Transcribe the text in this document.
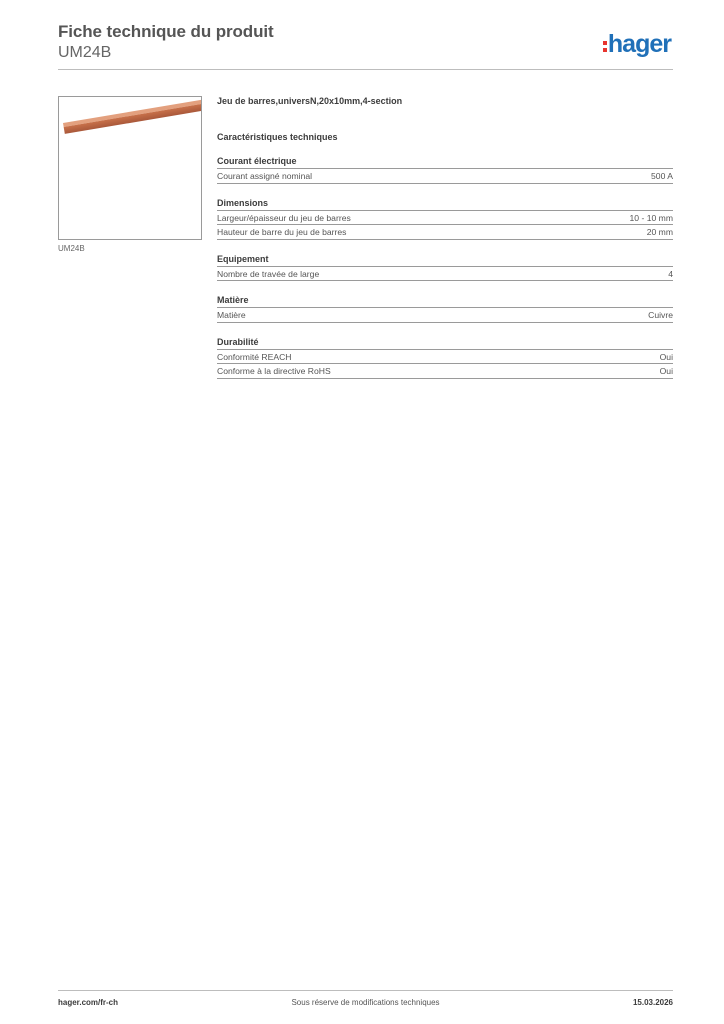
Fiche technique du produit
UM24B	hager
UM24B
Jeu de barres,universN,20x10mm,4-section
Caractéristiques techniques
Courant électrique
Courant assigné nominal	500 A
Dimensions
Largeur/épaisseur du jeu de barres	10 - 10 mm
Hauteur de barre du jeu de barres	20 mm
Equipement
Nombre de travée de large	4
Matière
Matière	Cuivre
Durabilité
Conformité REACH	Oui
Conforme à la directive RoHS	Oui
hager.com/fr-ch	Sous réserve de modifications techniques	15.03.2026
